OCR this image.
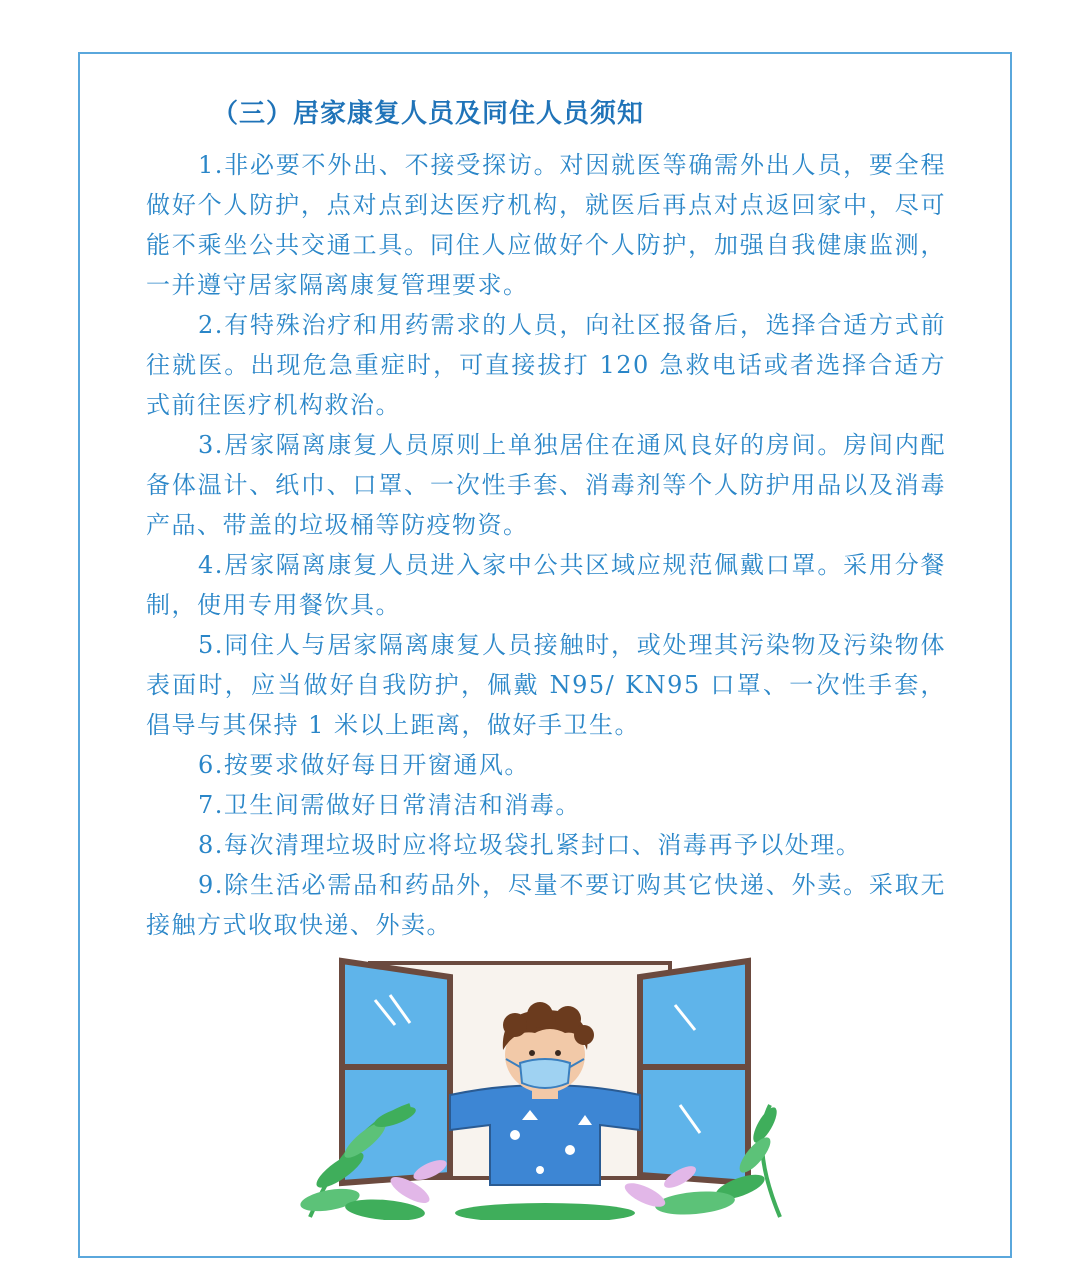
（三）居家康复人员及同住人员须知

1.非必要不外出、不接受探访。对因就医等确需外出人员，要全程做好个人防护，点对点到达医疗机构，就医后再点对点返回家中，尽可能不乘坐公共交通工具。同住人应做好个人防护，加强自我健康监测，一并遵守居家隔离康复管理要求。

2.有特殊治疗和用药需求的人员，向社区报备后，选择合适方式前往就医。出现危急重症时，可直接拔打 120 急救电话或者选择合适方式前往医疗机构救治。

3.居家隔离康复人员原则上单独居住在通风良好的房间。房间内配备体温计、纸巾、口罩、一次性手套、消毒剂等个人防护用品以及消毒产品、带盖的垃圾桶等防疫物资。

4.居家隔离康复人员进入家中公共区域应规范佩戴口罩。采用分餐制，使用专用餐饮具。

5.同住人与居家隔离康复人员接触时，或处理其污染物及污染物体表面时，应当做好自我防护，佩戴 N95/ KN95 口罩、一次性手套，倡导与其保持 1 米以上距离，做好手卫生。

6.按要求做好每日开窗通风。

7.卫生间需做好日常清洁和消毒。

8.每次清理垃圾时应将垃圾袋扎紧封口、消毒再予以处理。

9.除生活必需品和药品外，尽量不要订购其它快递、外卖。采取无接触方式收取快递、外卖。
